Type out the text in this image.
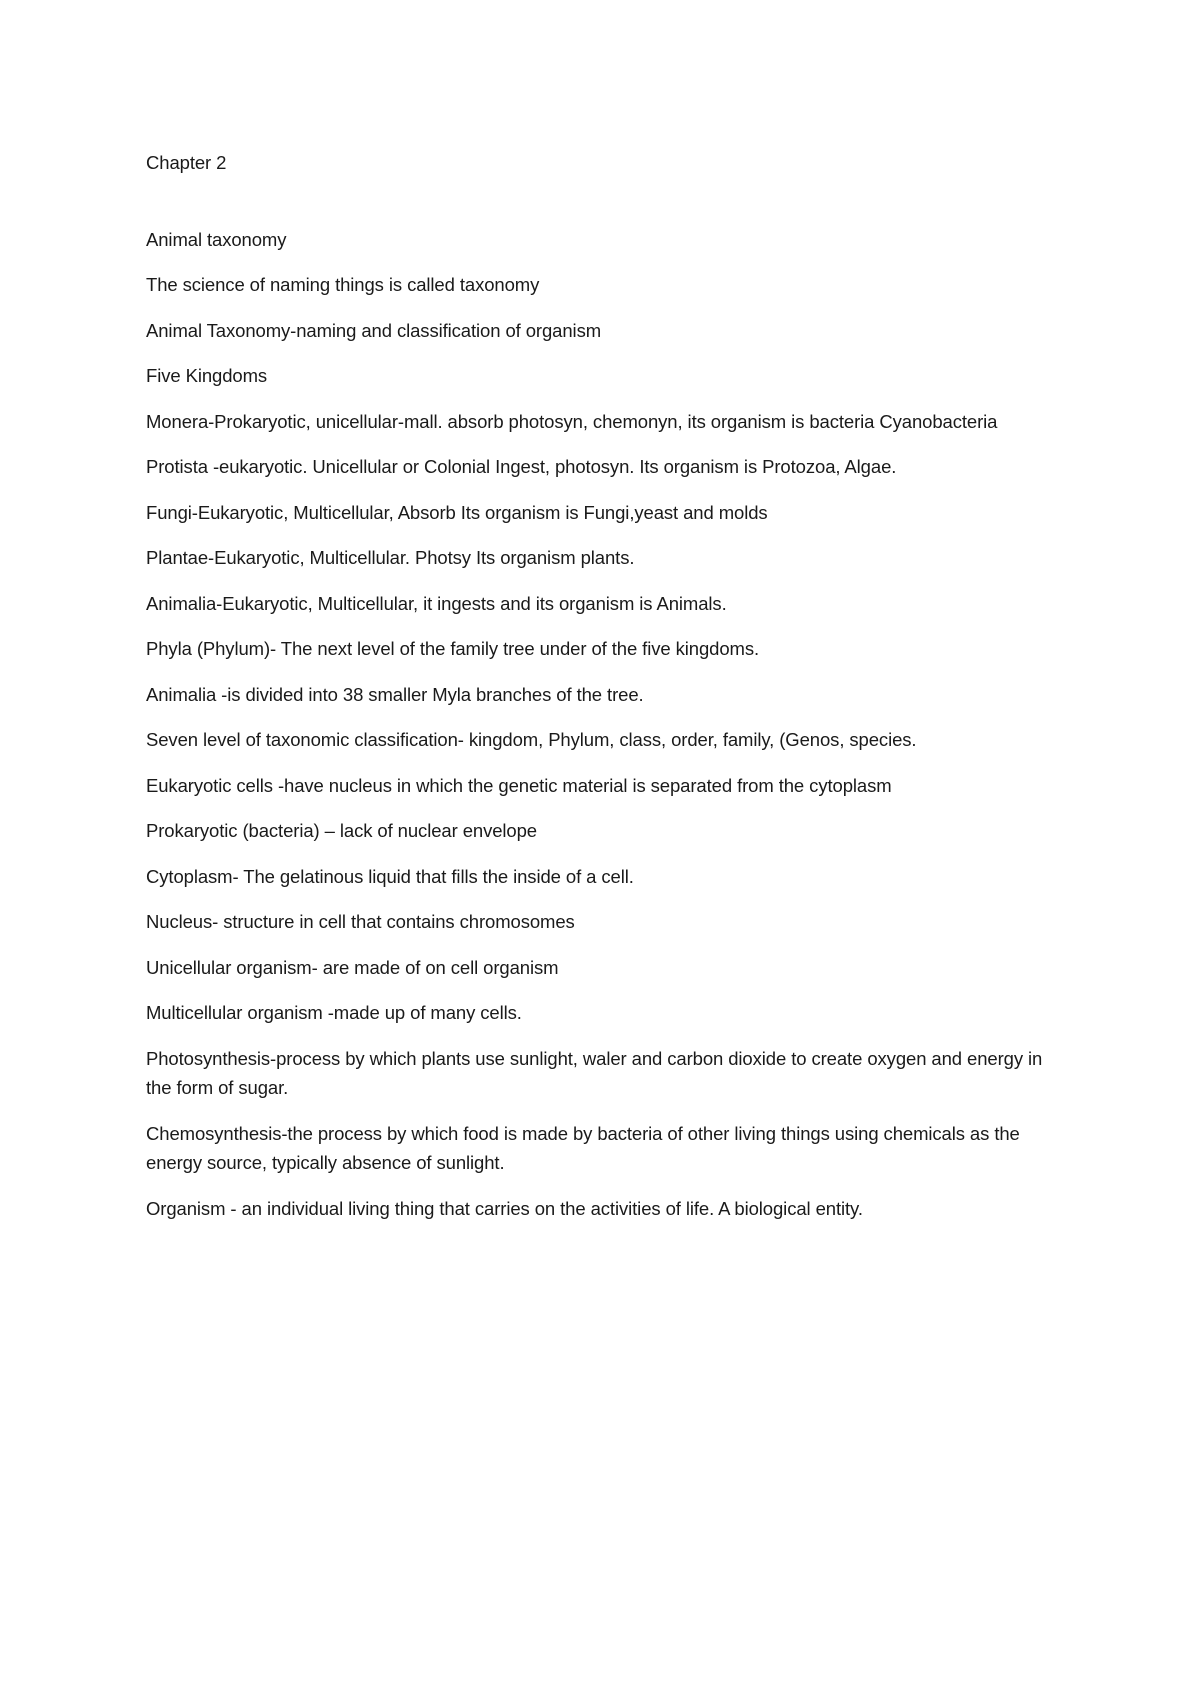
Chapter 2

Animal taxonomy

The science of naming things is called taxonomy

Animal Taxonomy-naming and classification of organism

Five Kingdoms

Monera-Prokaryotic, unicellular-mall. absorb photosyn, chemonyn, its organism is bacteria Cyanobacteria

Protista -eukaryotic. Unicellular or Colonial Ingest, photosyn. Its organism is Protozoa, Algae.

Fungi-Eukaryotic, Multicellular, Absorb Its organism is Fungi,yeast and molds

Plantae-Eukaryotic, Multicellular. Photsy Its organism plants.

Animalia-Eukaryotic, Multicellular, it ingests and its organism is Animals.

Phyla (Phylum)- The next level of the family tree under of the five kingdoms.

Animalia -is divided into 38 smaller Myla branches of the tree.

Seven level of taxonomic classification- kingdom, Phylum, class, order, family, (Genos, species.

Eukaryotic cells -have nucleus in which the genetic material is separated from the cytoplasm

Prokaryotic (bacteria) – lack of nuclear envelope

Cytoplasm- The gelatinous liquid that fills the inside of a cell.

Nucleus- structure in cell that contains chromosomes

Unicellular organism- are made of on cell organism

Multicellular organism -made up of many cells.

Photosynthesis-process by which plants use sunlight, waler and carbon dioxide to create oxygen and energy in the form of sugar.

Chemosynthesis-the process by which food is made by bacteria of other living things using chemicals as the energy source, typically absence of sunlight.

Organism - an individual living thing that carries on the activities of life. A biological entity.
